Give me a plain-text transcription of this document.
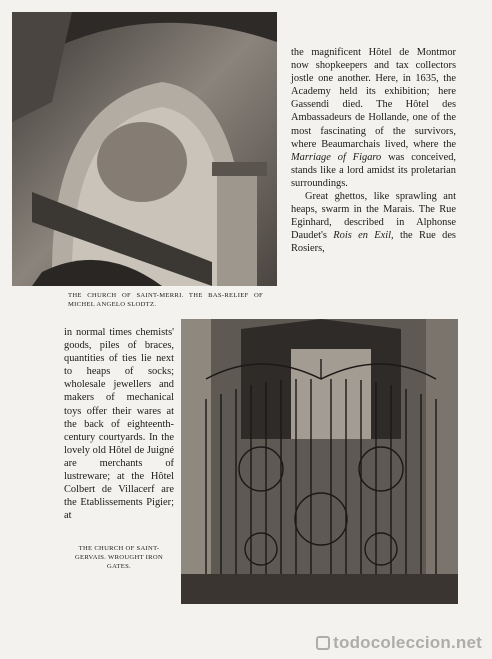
the magnificent Hôtel de Montmor now shopkeepers and tax collectors jostle one another. Here, in 1635, the Academy held its exhibition; here Gassendi died. The Hôtel des Ambassadeurs de Hollande, one of the most fascinating of the survivors, where Beaumarchais lived, where the Marriage of Figaro was conceived, stands like a lord amidst its proletarian surroundings.

Great ghettos, like sprawling ant heaps, swarm in the Marais. The Rue Eginhard, described in Alphonse Daudet's Rois en Exil, the Rue des Rosiers,

THE CHURCH OF SAINT-MERRI. THE BAS-RELIEF OF MICHEL ANGELO SLODTZ.

in normal times chemists' goods, piles of braces, quantities of ties lie next to heaps of socks; wholesale jewellers and makers of mechanical toys offer their wares at the back of eighteenth-century courtyards. In the lovely old Hôtel de Juigné are merchants of lustreware; at the Hôtel Colbert de Villacerf are the Etablissements Pigier; at

THE CHURCH OF SAINT-GERVAIS. WROUGHT IRON GATES.

todocoleccion.net
